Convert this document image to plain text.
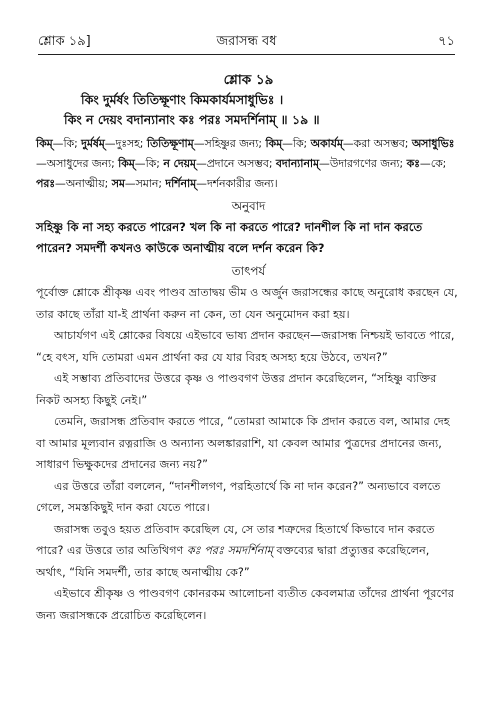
শ্লোক ১৯]	জরাসন্ধ বধ	৭১
শ্লোক ১৯
কিং দুর্মর্ষং তিতিক্ষূণাং কিমকার্যমসাধুভিঃ ।
কিং ন দেয়ং বদান্যানাং কঃ পরঃ সমদর্শিনাম্‌ ॥ ১৯ ॥
কিম্‌—কি; দুর্মর্ষম্‌—দুঃসহ; তিতিক্ষূণাম্‌—সহিষ্ণুর জন্য; কিম্‌—কি; অকার্যম্‌—করা অসম্ভব; অসাধুভিঃ—অসাধুদের জন্য; কিম্‌—কি; ন দেয়ম্‌—প্রদানে অসম্ভব; বদান্যানাম্‌—উদারগণের জন্য; কঃ—কে; পরঃ—অনাত্মীয়; সম—সমান; দর্শিনাম্‌—দর্শনকারীর জন্য।
অনুবাদ
সহিষ্ণু কি না সহ্য করতে পারেন? খল কি না করতে পারে? দানশীল কি না দান করতে পারেন? সমদর্শী কখনও কাউকে অনাত্মীয় বলে দর্শন করেন কি?
তাৎপর্য
পূর্বোক্ত শ্লোকে শ্রীকৃষ্ণ এবং পাণ্ডব ভ্রাতাদ্বয় ভীম ও অর্জুন জরাসন্ধের কাছে অনুরোধ করছেন যে, তার কাছে তাঁরা যা-ই প্রার্থনা করুন না কেন, তা যেন অনুমোদন করা হয়।
আচার্যগণ এই শ্লোকের বিষয়ে এইভাবে ভাষ্য প্রদান করছেন—জরাসন্ধ নিশ্চয়ই ভাবতে পারে, “হে বৎস, যদি তোমরা এমন প্রার্থনা কর যে যার বিরহ অসহ্য হয়ে উঠবে, তখন?”
এই সম্ভাব্য প্রতিবাদের উত্তরে কৃষ্ণ ও পাণ্ডবগণ উত্তর প্রদান করেছিলেন, “সহিষ্ণু ব্যক্তির নিকট অসহ্য কিছুই নেই।”
তেমনি, জরাসন্ধ প্রতিবাদ করতে পারে, “তোমরা আমাকে কি প্রদান করতে বল, আমার দেহ বা আমার মূল্যবান রত্নরাজি ও অন্যান্য অলঙ্কাররাশি, যা কেবল আমার পুত্রদের প্রদানের জন্য, সাধারণ ভিক্ষুকদের প্রদানের জন্য নয়?”
এর উত্তরে তাঁরা বললেন, “দানশীলগণ, পরহিতার্থে কি না দান করেন?” অন্যভাবে বলতে গেলে, সমস্তকিছুই দান করা যেতে পারে।
জরাসন্ধ তবুও হয়ত প্রতিবাদ করেছিল যে, সে তার শত্রুদের হিতার্থে কিভাবে দান করতে পারে? এর উত্তরে তার অতিথিগণ কঃ পরঃ সমদর্শিনাম্‌ বক্তব্যের দ্বারা প্রত্যুত্তর করেছিলেন, অর্থাৎ, “যিনি সমদর্শী, তার কাছে অনাত্মীয় কে?”
এইভাবে শ্রীকৃষ্ণ ও পাণ্ডবগণ কোনরকম আলোচনা ব্যতীত কেবলমাত্র তাঁদের প্রার্থনা পূরণের জন্য জরাসন্ধকে প্ররোচিত করেছিলেন।
